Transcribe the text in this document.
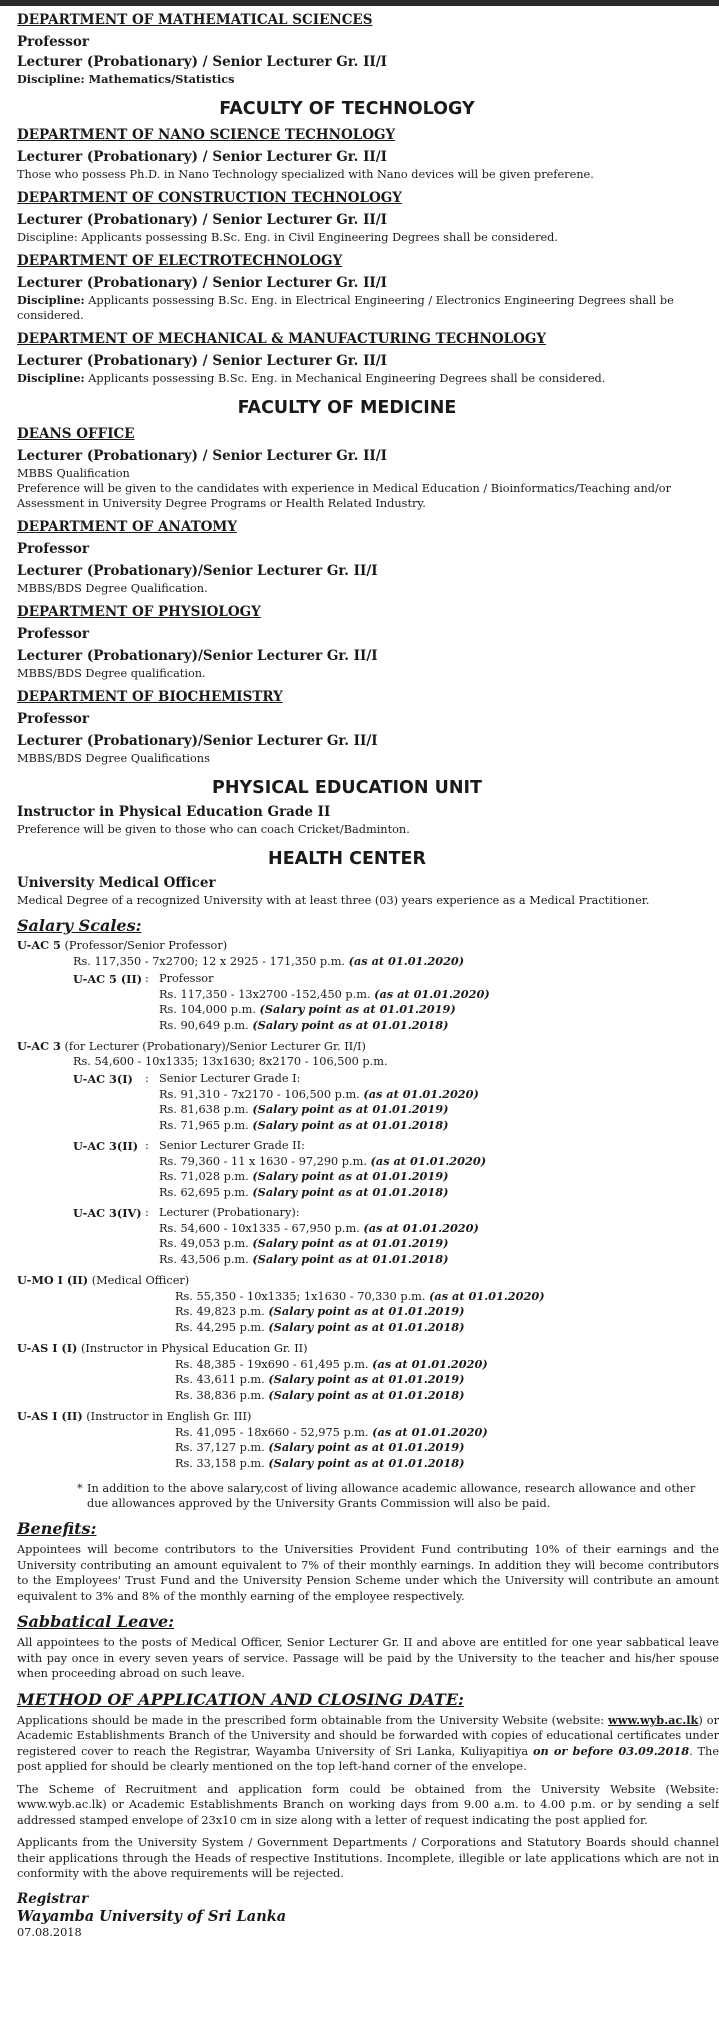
DEPARTMENT OF MATHEMATICAL SCIENCES
Professor
Lecturer (Probationary) / Senior Lecturer Gr. II/I
Discipline: Mathematics/Statistics
FACULTY OF TECHNOLOGY
DEPARTMENT OF NANO SCIENCE TECHNOLOGY
Lecturer (Probationary) / Senior Lecturer Gr. II/I

Those who possess Ph.D. in Nano Technology specialized with Nano devices will be given preferene.

DEPARTMENT OF CONSTRUCTION TECHNOLOGY
Lecturer (Probationary) / Senior Lecturer Gr. II/I

Discipline: Applicants possessing B.Sc. Eng. in Civil Engineering Degrees shall be considered.

DEPARTMENT OF ELECTROTECHNOLOGY
Lecturer (Probationary) / Senior Lecturer Gr. II/I

Discipline: Applicants possessing B.Sc. Eng. in Electrical Engineering / Electronics Engineering Degrees shall be considered.

DEPARTMENT OF MECHANICAL & MANUFACTURING TECHNOLOGY
Lecturer (Probationary) / Senior Lecturer Gr. II/I

Discipline: Applicants possessing B.Sc. Eng. in Mechanical Engineering Degrees shall be considered.

FACULTY OF MEDICINE
DEANS OFFICE
Lecturer (Probationary) / Senior Lecturer Gr. II/I

MBBS Qualification

Preference will be given to the candidates with experience in Medical Education / Bioinformatics/Teaching and/or Assessment in University Degree Programs or Health Related Industry.

DEPARTMENT OF ANATOMY
Professor
Lecturer (Probationary)/Senior Lecturer Gr. II/I

MBBS/BDS Degree Qualification.

DEPARTMENT OF PHYSIOLOGY
Professor
Lecturer (Probationary)/Senior Lecturer Gr. II/I

MBBS/BDS Degree qualification.

DEPARTMENT OF BIOCHEMISTRY
Professor
Lecturer (Probationary)/Senior Lecturer Gr. II/I

MBBS/BDS Degree Qualifications

PHYSICAL EDUCATION UNIT
Instructor in Physical Education Grade II

Preference will be given to those who can coach Cricket/Badminton.

HEALTH CENTER
University Medical Officer

Medical Degree of a recognized University with at least three (03) years experience as a Medical Practitioner.

Salary Scales:
U-AC 5 (Professor/Senior Professor)
Rs. 117,350 - 7x2700; 12 x 2925 - 171,350 p.m. (as at 01.01.2020)
U-AC 5 (II) : Professor
Rs. 117,350 - 13x2700 -152,450 p.m. (as at 01.01.2020)
Rs. 104,000 p.m. (Salary point as at 01.01.2019)
Rs. 90,649 p.m. (Salary point as at 01.01.2018)
U-AC 3 (for Lecturer (Probationary)/Senior Lecturer Gr. II/I)
Rs. 54,600 - 10x1335; 13x1630; 8x2170 - 106,500 p.m.
U-AC 3(I)	: Senior Lecturer Grade I:
Rs. 91,310 - 7x2170 - 106,500 p.m. (as at 01.01.2020)
Rs. 81,638 p.m. (Salary point as at 01.01.2019)
Rs. 71,965 p.m. (Salary point as at 01.01.2018)
U-AC 3(II) : Senior Lecturer Grade II:
Rs. 79,360 - 11 x 1630 - 97,290 p.m. (as at 01.01.2020)
Rs. 71,028 p.m. (Salary point as at 01.01.2019)
Rs. 62,695 p.m. (Salary point as at 01.01.2018)
U-AC 3(IV) : Lecturer (Probationary):
Rs. 54,600 - 10x1335 - 67,950 p.m. (as at 01.01.2020)
Rs. 49,053 p.m. (Salary point as at 01.01.2019)
Rs. 43,506 p.m. (Salary point as at 01.01.2018)
U-MO I (II) (Medical Officer)
Rs. 55,350 - 10x1335; 1x1630 - 70,330 p.m. (as at 01.01.2020)
Rs. 49,823 p.m. (Salary point as at 01.01.2019)
Rs. 44,295 p.m. (Salary point as at 01.01.2018)
U-AS I (I) (Instructor in Physical Education Gr. II)
Rs. 48,385 - 19x690 - 61,495 p.m. (as at 01.01.2020)
Rs. 43,611 p.m. (Salary point as at 01.01.2019)
Rs. 38,836 p.m. (Salary point as at 01.01.2018)
U-AS I (II) (Instructor in English Gr. III)
Rs. 41,095 - 18x660 - 52,975 p.m. (as at 01.01.2020)
Rs. 37,127 p.m. (Salary point as at 01.01.2019)
Rs. 33,158 p.m. (Salary point as at 01.01.2018)
* In addition to the above salary,cost of living allowance academic allowance, research allowance and other due allowances approved by the University Grants Commission will also be paid.
Benefits:

Appointees will become contributors to the Universities Provident Fund contributing 10% of their earnings and the University contributing an amount equivalent to 7% of their monthly earnings. In addition they will become contributors to the Employees' Trust Fund and the University Pension Scheme under which the University will contribute an amount equivalent to 3% and 8% of the monthly earning of the employee respectively.

Sabbatical Leave:

All appointees to the posts of Medical Officer, Senior Lecturer Gr. II and above are entitled for one year sabbatical leave with pay once in every seven years of service. Passage will be paid by the University to the teacher and his/her spouse when proceeding abroad on such leave.

METHOD OF APPLICATION AND CLOSING DATE:

Applications should be made in the prescribed form obtainable from the University Website (website: www.wyb.ac.lk) or Academic Establishments Branch of the University and should be forwarded with copies of educational certificates under registered cover to reach the Registrar, Wayamba University of Sri Lanka, Kuliyapitiya on or before 03.09.2018. The post applied for should be clearly mentioned on the top left-hand corner of the envelope.

The Scheme of Recruitment and application form could be obtained from the University Website (Website: www.wyb.ac.lk) or Academic Establishments Branch on working days from 9.00 a.m. to 4.00 p.m. or by sending a self addressed stamped envelope of 23x10 cm in size along with a letter of request indicating the post applied for.

Applicants from the University System / Government Departments / Corporations and Statutory Boards should channel their applications through the Heads of respective Institutions. Incomplete, illegible or late applications which are not in conformity with the above requirements will be rejected.

Registrar

Wayamba University of Sri Lanka

07.08.2018
